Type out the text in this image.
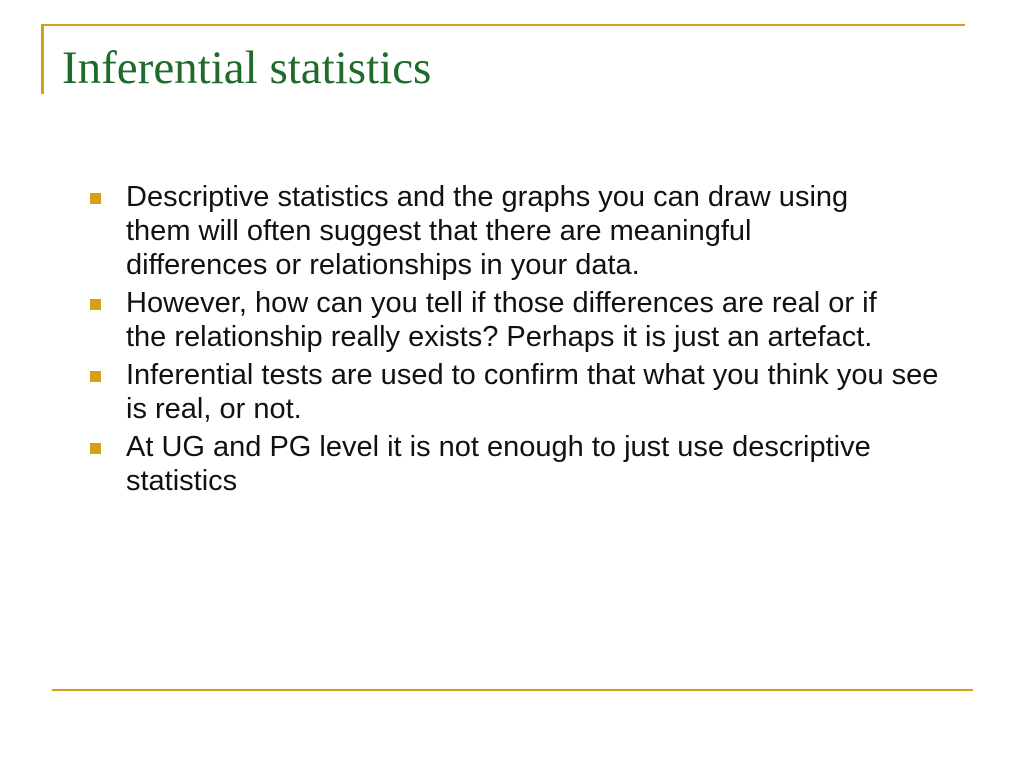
Inferential statistics
Descriptive statistics and the graphs you can draw using them will often suggest that there are meaningful differences or relationships in your data.
However, how can you tell if those differences are real or if the relationship really exists? Perhaps it is just an artefact.
Inferential tests are used to confirm that what you think you see is real, or not.
At UG and PG level it is not enough to just use descriptive statistics
